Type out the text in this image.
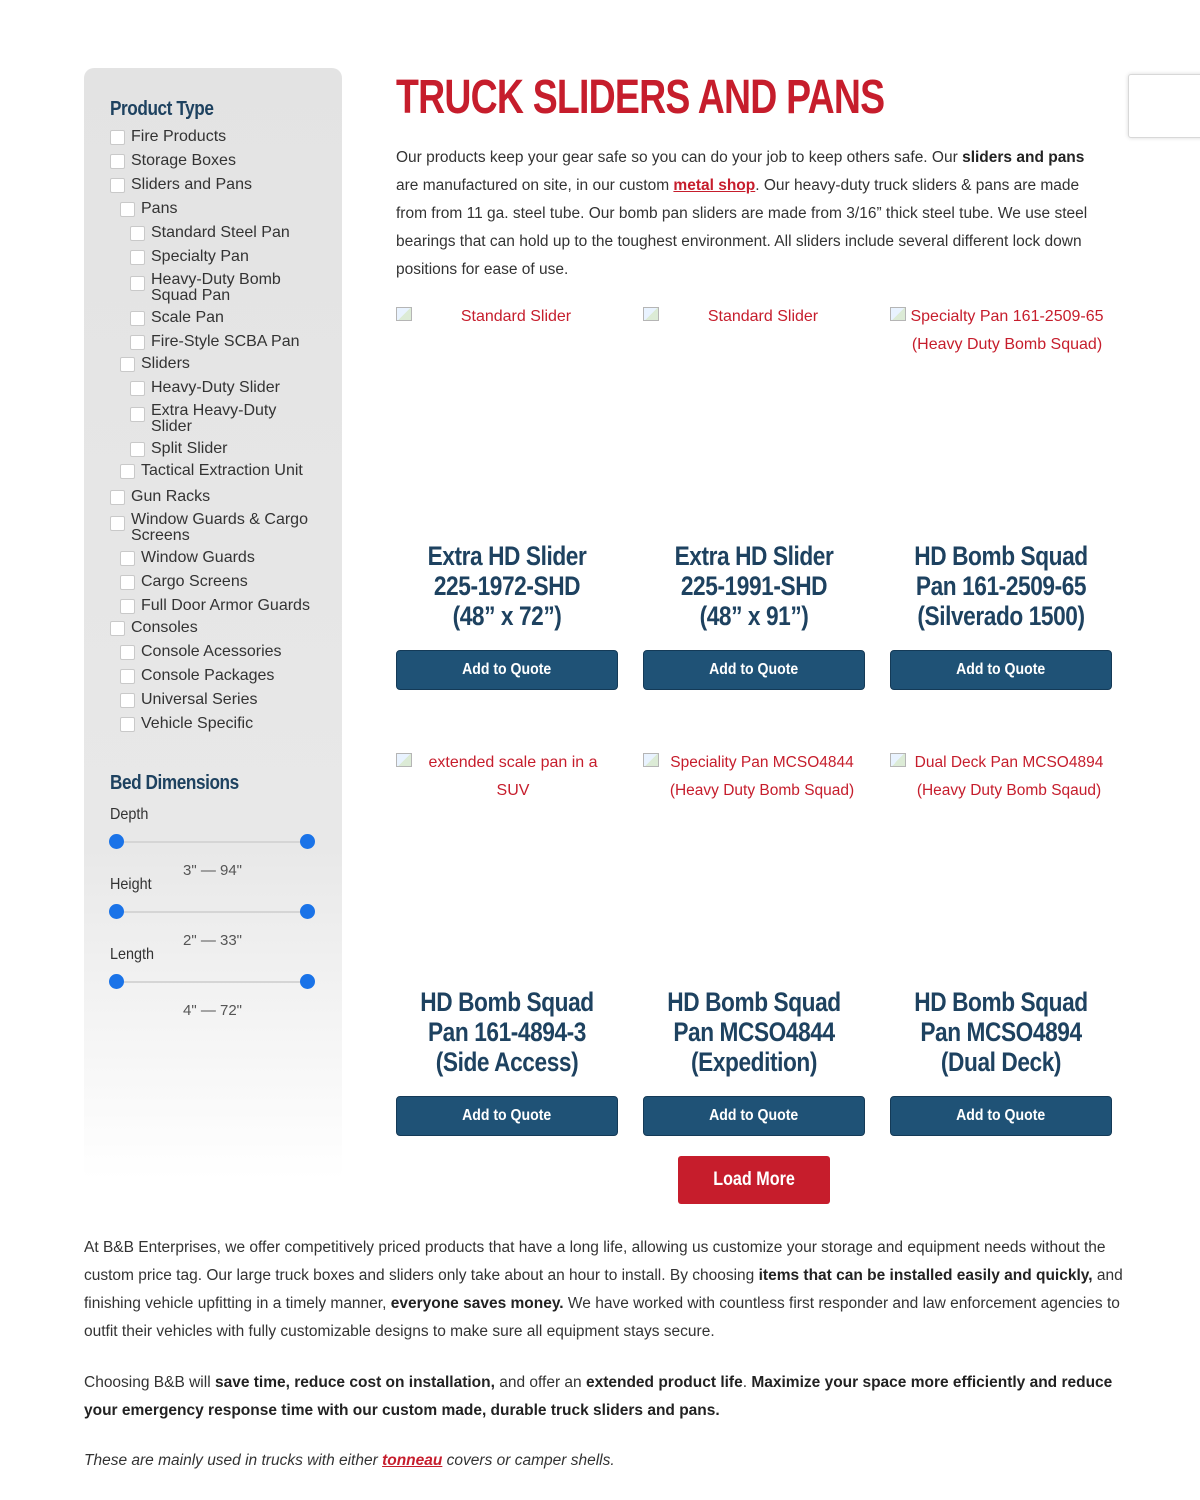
Product Type
Fire Products
Storage Boxes
Sliders and Pans
Pans
Standard Steel Pan
Specialty Pan
Heavy-Duty Bomb Squad Pan
Scale Pan
Fire-Style SCBA Pan
Sliders
Heavy-Duty Slider
Extra Heavy-Duty Slider
Split Slider
Tactical Extraction Unit
Gun Racks
Window Guards & Cargo Screens
Window Guards
Cargo Screens
Full Door Armor Guards
Consoles
Console Acessories
Console Packages
Universal Series
Vehicle Specific
Bed Dimensions
Depth
3" — 94"
Height
2" — 33"
Length
4" — 72"
TRUCK SLIDERS AND PANS
Our products keep your gear safe so you can do your job to keep others safe. Our sliders and pans are manufactured on site, in our custom metal shop. Our heavy-duty truck sliders & pans are made from from 11 ga. steel tube. Our bomb pan sliders are made from 3/16” thick steel tube. We use steel bearings that can hold up to the toughest environment. All sliders include several different lock down positions for ease of use.
Standard Slider
Extra HD Slider 225-1972-SHD (48” x 72”)
Add to Quote
Standard Slider
Extra HD Slider 225-1991-SHD (48” x 91”)
Add to Quote
Specialty Pan 161-2509-65 (Heavy Duty Bomb Squad)
HD Bomb Squad Pan 161-2509-65 (Silverado 1500)
Add to Quote
extended scale pan in a SUV
HD Bomb Squad Pan 161-4894-3 (Side Access)
Add to Quote
Speciality Pan MCSO4844 (Heavy Duty Bomb Squad)
HD Bomb Squad Pan MCSO4844 (Expedition)
Add to Quote
Dual Deck Pan MCSO4894 (Heavy Duty Bomb Sqaud)
HD Bomb Squad Pan MCSO4894 (Dual Deck)
Add to Quote
Load More
At B&B Enterprises, we offer competitively priced products that have a long life, allowing us customize your storage and equipment needs without the custom price tag. Our large truck boxes and sliders only take about an hour to install. By choosing items that can be installed easily and quickly, and finishing vehicle upfitting in a timely manner, everyone saves money. We have worked with countless first responder and law enforcement agencies to outfit their vehicles with fully customizable designs to make sure all equipment stays secure.
Choosing B&B will save time, reduce cost on installation, and offer an extended product life. Maximize your space more efficiently and reduce your emergency response time with our custom made, durable truck sliders and pans.
These are mainly used in trucks with either tonneau covers or camper shells.
